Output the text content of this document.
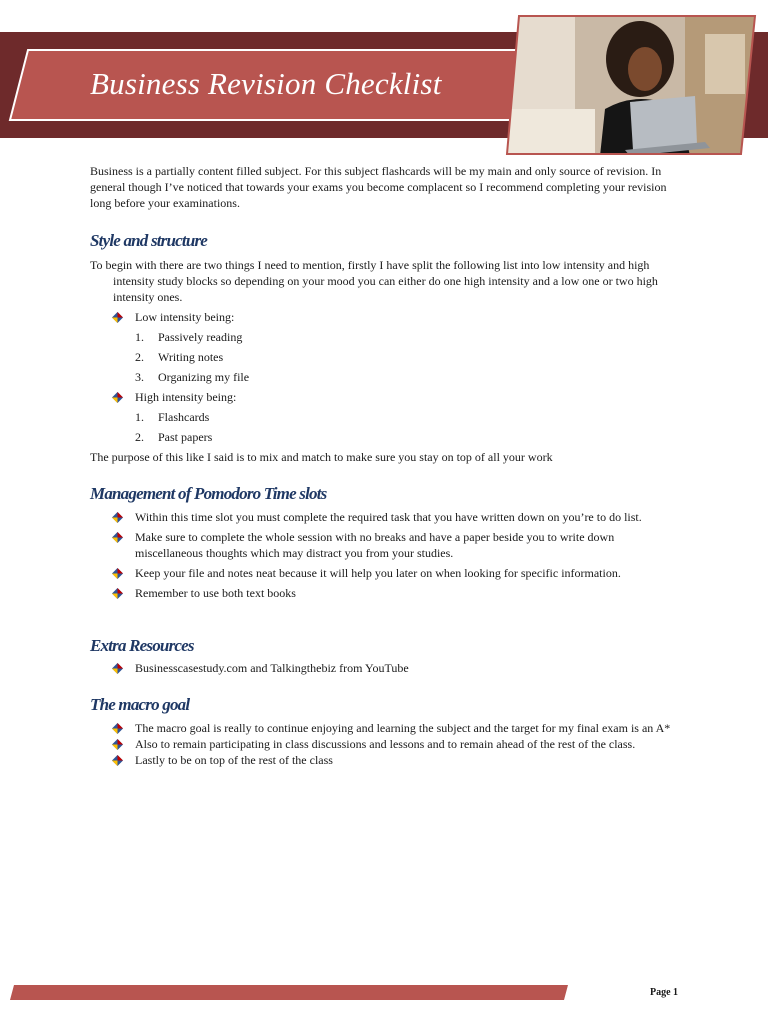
Business Revision Checklist

Business is a partially content filled subject. For this subject flashcards will be my main and only source of revision. In general though I’ve noticed that towards your exams you become complacent so I recommend completing your revision long before your examinations.

Style and structure

To begin with there are two things I need to mention, firstly I have split the following list into low intensity and high intensity study blocks so depending on your mood you can either do one high intensity and a low one or two high intensity ones.

Low intensity being:
1. Passively reading
2. Writing notes
3. Organizing my file
High intensity being:
1. Flashcards
2. Past papers

The purpose of this like I said is to mix and match to make sure you stay on top of all your work

Management of Pomodoro Time slots
Within this time slot you must complete the required task that you have written down on you’re to do list.
Make sure to complete the whole session with no breaks and have a paper beside you to write down miscellaneous thoughts which may distract you from your studies.
Keep your file and notes neat because it will help you later on when looking for specific information.
Remember to use both text books
Extra Resources
Businesscasestudy.com and Talkingthebiz from YouTube
The macro goal
The macro goal is really to continue enjoying and learning the subject and the target for my final exam is an A*
Also to remain participating in class discussions and lessons and to remain ahead of the rest of the class.
Lastly to be on top of the rest of the class
Page 1
